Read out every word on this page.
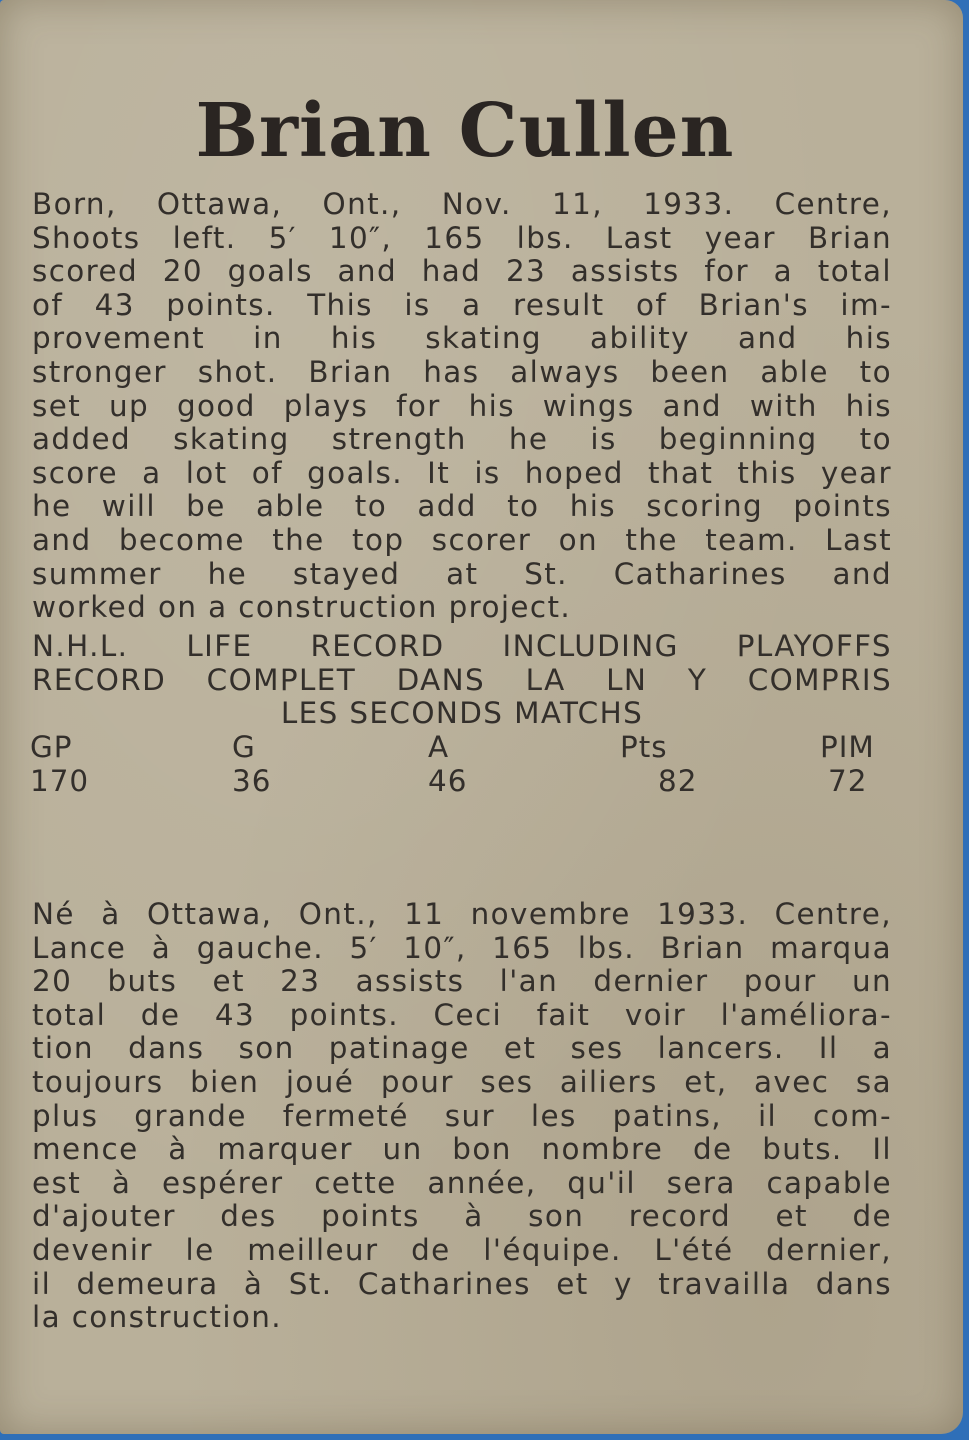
Brian Cullen
Born, Ottawa, Ont., Nov. 11, 1933. Centre,
Shoots left. 5′ 10″, 165 lbs. Last year Brian
scored 20 goals and had 23 assists for a total
of 43 points. This is a result of Brian's im-
provement in his skating ability and his
stronger shot. Brian has always been able to
set up good plays for his wings and with his
added skating strength he is beginning to
score a lot of goals. It is hoped that this year
he will be able to add to his scoring points
and become the top scorer on the team. Last
summer he stayed at St. Catharines and
worked on a construction project.
N.H.L. LIFE RECORD INCLUDING PLAYOFFS
RECORD COMPLET DANS LA LN Y COMPRIS
LES SECONDS MATCHS
GP
170
G
36
A
46
Pts
82
PIM
72
Né à Ottawa, Ont., 11 novembre 1933. Centre,
Lance à gauche. 5′ 10″, 165 lbs. Brian marqua
20 buts et 23 assists l'an dernier pour un
total de 43 points. Ceci fait voir l'améliora-
tion dans son patinage et ses lancers. Il a
toujours bien joué pour ses ailiers et, avec sa
plus grande fermeté sur les patins, il com-
mence à marquer un bon nombre de buts. Il
est à espérer cette année, qu'il sera capable
d'ajouter des points à son record et de
devenir le meilleur de l'équipe. L'été dernier,
il demeura à St. Catharines et y travailla dans
la construction.
